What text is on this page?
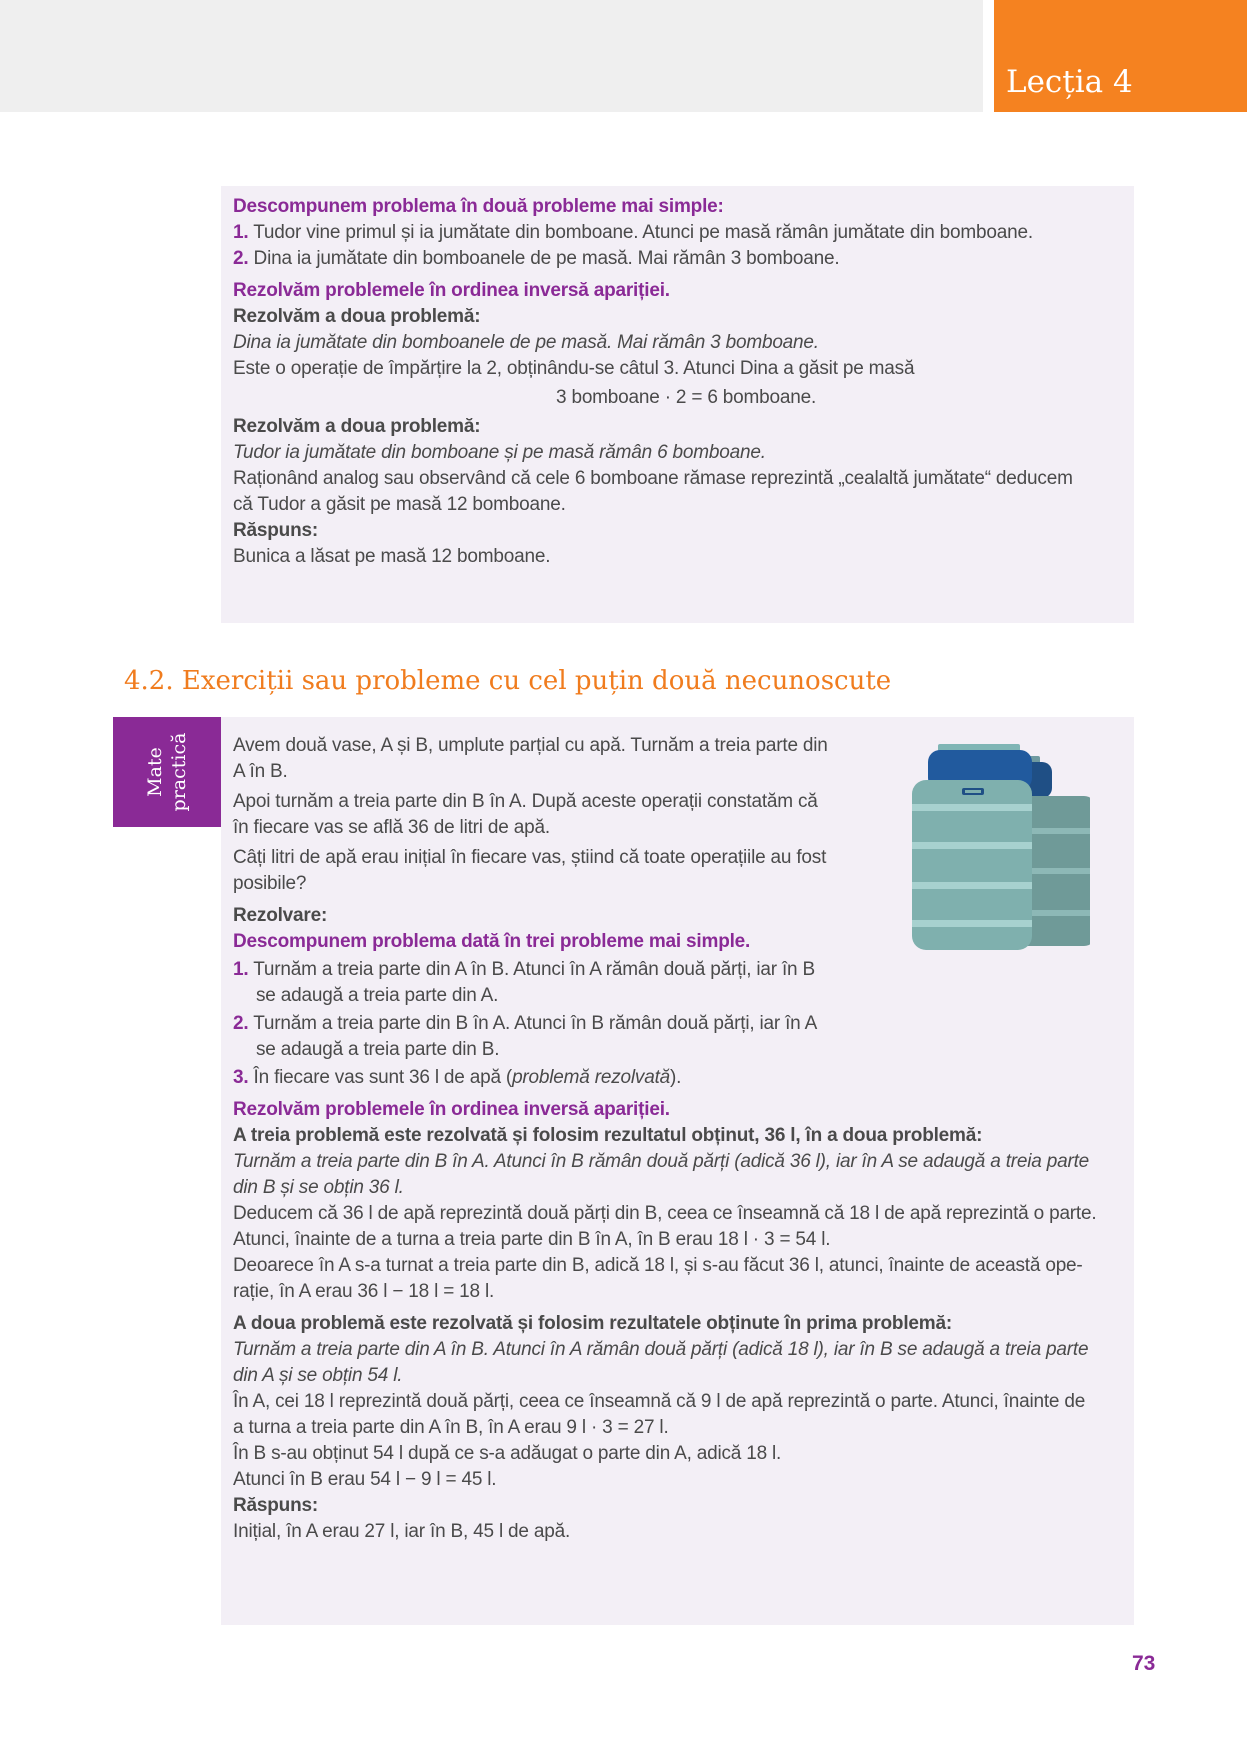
Lecția 4
Descompunem problema în două probleme mai simple:
1. Tudor vine primul și ia jumătate din bomboane. Atunci pe masă rămân jumătate din bomboane.
2. Dina ia jumătate din bomboanele de pe masă. Mai rămân 3 bomboane.
Rezolvăm problemele în ordinea inversă apariției.
Rezolvăm a doua problemă:
Dina ia jumătate din bomboanele de pe masă. Mai rămân 3 bomboane.
Este o operație de împărțire la 2, obținându-se câtul 3. Atunci Dina a găsit pe masă
3 bomboane · 2 = 6 bomboane.
Rezolvăm a doua problemă:
Tudor ia jumătate din bomboane și pe masă rămân 6 bomboane.
Raționând analog sau observând că cele 6 bomboane rămase reprezintă „cealaltă jumătate“ deducem
că Tudor a găsit pe masă 12 bomboane.
Răspuns:
Bunica a lăsat pe masă 12 bomboane.
4.2. Exerciții sau probleme cu cel puțin două necunoscute
Avem două vase, A și B, umplute parțial cu apă. Turnăm a treia parte din
A în B.
Apoi turnăm a treia parte din B în A. După aceste operații constatăm că
în fiecare vas se află 36 de litri de apă.
Câți litri de apă erau inițial în fiecare vas, știind că toate operațiile au fost
posibile?
Rezolvare:
Descompunem problema dată în trei probleme mai simple.
1. Turnăm a treia parte din A în B. Atunci în A rămân două părți, iar în B
se adaugă a treia parte din A.
2. Turnăm a treia parte din B în A. Atunci în B rămân două părți, iar în A
se adaugă a treia parte din B.
3. În fiecare vas sunt 36 l de apă (problemă rezolvată).
Rezolvăm problemele în ordinea inversă apariției.
A treia problemă este rezolvată și folosim rezultatul obținut, 36 l, în a doua problemă:
Turnăm a treia parte din B în A. Atunci în B rămân două părți (adică 36 l), iar în A se adaugă a treia parte
din B și se obțin 36 l.
Deducem că 36 l de apă reprezintă două părți din B, ceea ce înseamnă că 18 l de apă reprezintă o parte.
Atunci, înainte de a turna a treia parte din B în A, în B erau 18 l · 3 = 54 l.
Deoarece în A s-a turnat a treia parte din B, adică 18 l, și s-au făcut 36 l, atunci, înainte de această ope-
rație, în A erau 36 l − 18 l = 18 l.
A doua problemă este rezolvată și folosim rezultatele obținute în prima problemă:
Turnăm a treia parte din A în B. Atunci în A rămân două părți (adică 18 l), iar în B se adaugă a treia parte
din A și se obțin 54 l.
În A, cei 18 l reprezintă două părți, ceea ce înseamnă că 9 l de apă reprezintă o parte. Atunci, înainte de
a turna a treia parte din A în B, în A erau 9 l · 3 = 27 l.
În B s-au obținut 54 l după ce s-a adăugat o parte din A, adică 18 l.
Atunci în B erau 54 l − 9 l = 45 l.
Răspuns:
Inițial, în A erau 27 l, iar în B, 45 l de apă.
Mate practică
73
